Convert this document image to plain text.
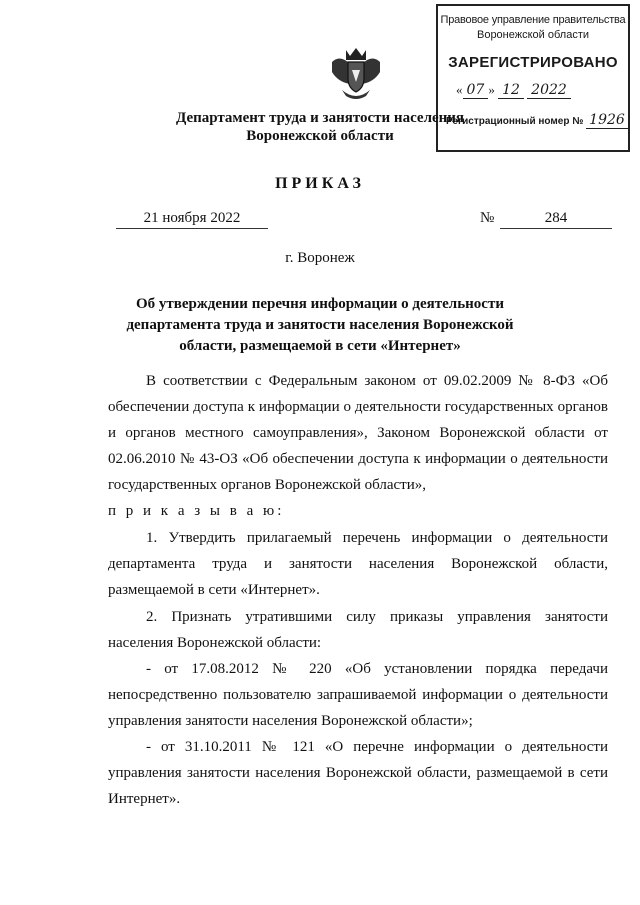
Правовое управление правительства
Воронежской области
ЗАРЕГИСТРИРОВАНО
« 07 » 12 2022
Регистрационный номер № 1926
Департамент труда и занятости населения
Воронежской области
ПРИКАЗ
21 ноября 2022	№	284
г. Воронеж
Об утверждении перечня информации о деятельности департамента труда и занятости населения Воронежской области, размещаемой в сети «Интернет»

В соответствии с Федеральным законом от 09.02.2009 № 8-ФЗ «Об обеспечении доступа к информации о деятельности государственных органов и органов местного самоуправления», Законом Воронежской области от 02.06.2010 № 43-ОЗ «Об обеспечении доступа к информации о деятельности государственных органов Воронежской области»,

п р и к а з ы в а ю:

1. Утвердить прилагаемый перечень информации о деятельности департамента труда и занятости населения Воронежской области, размещаемой в сети «Интернет».

2. Признать утратившими силу приказы управления занятости населения Воронежской области:

- от 17.08.2012 № 220 «Об установлении порядка передачи непосредственно пользователю запрашиваемой информации о деятельности управления занятости населения Воронежской области»;

- от 31.10.2011 № 121 «О перечне информации о деятельности управления занятости населения Воронежской области, размещаемой в сети Интернет».
